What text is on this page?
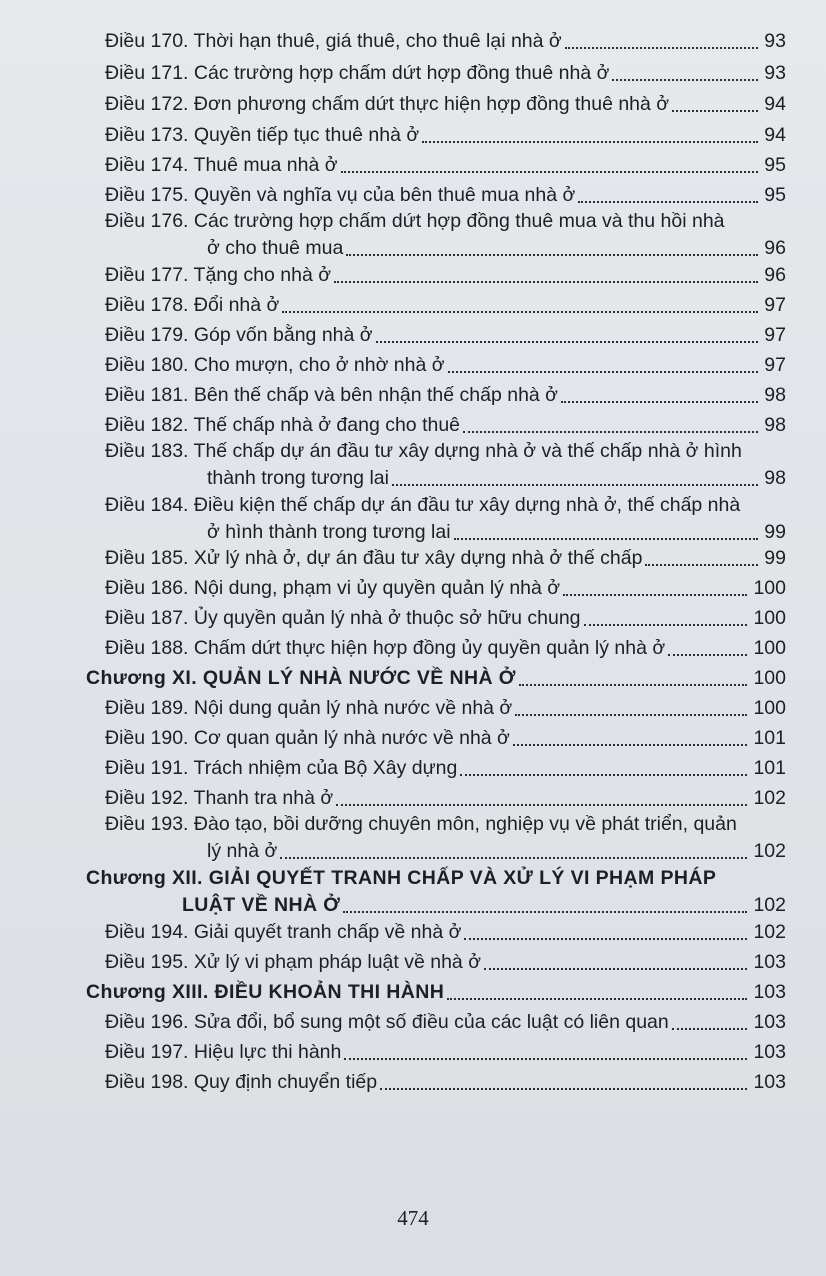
Điều 170. Thời hạn thuê, giá thuê, cho thuê lại nhà ở	93
Điều 171. Các trường hợp chấm dứt hợp đồng thuê nhà ở	93
Điều 172. Đơn phương chấm dứt thực hiện hợp đồng thuê nhà ở	94
Điều 173. Quyền tiếp tục thuê nhà ở	94
Điều 174. Thuê mua nhà ở	95
Điều 175. Quyền và nghĩa vụ của bên thuê mua nhà ở	95
Điều 176. Các trường hợp chấm dứt hợp đồng thuê mua và thu hồi nhà
ở cho thuê mua	96
Điều 177. Tặng cho nhà ở	96
Điều 178. Đổi nhà ở	97
Điều 179. Góp vốn bằng nhà ở	97
Điều 180. Cho mượn, cho ở nhờ nhà ở	97
Điều 181. Bên thế chấp và bên nhận thế chấp nhà ở	98
Điều 182. Thế chấp nhà ở đang cho thuê	98
Điều 183. Thế chấp dự án đầu tư xây dựng nhà ở và thế chấp nhà ở hình
thành trong tương lai	98
Điều 184. Điều kiện thế chấp dự án đầu tư xây dựng nhà ở, thế chấp nhà
ở hình thành trong tương lai	99
Điều 185. Xử lý nhà ở, dự án đầu tư xây dựng nhà ở thế chấp	99
Điều 186. Nội dung, phạm vi ủy quyền quản lý nhà ở	100
Điều 187. Ủy quyền quản lý nhà ở thuộc sở hữu chung	100
Điều 188. Chấm dứt thực hiện hợp đồng ủy quyền quản lý nhà ở	100
Chương XI. QUẢN LÝ NHÀ NƯỚC VỀ NHÀ Ở	100
Điều 189. Nội dung quản lý nhà nước về nhà ở	100
Điều 190. Cơ quan quản lý nhà nước về nhà ở	101
Điều 191. Trách nhiệm của Bộ Xây dựng	101
Điều 192. Thanh tra nhà ở	102
Điều 193. Đào tạo, bồi dưỡng chuyên môn, nghiệp vụ về phát triển, quản
lý nhà ở	102
Chương XII. GIẢI QUYẾT TRANH CHẤP VÀ XỬ LÝ VI PHẠM PHÁP
LUẬT VỀ NHÀ Ở	102
Điều 194. Giải quyết tranh chấp về nhà ở	102
Điều 195. Xử lý vi phạm pháp luật về nhà ở	103
Chương XIII. ĐIỀU KHOẢN THI HÀNH	103
Điều 196. Sửa đổi, bổ sung một số điều của các luật có liên quan	103
Điều 197. Hiệu lực thi hành	103
Điều 198. Quy định chuyển tiếp	103
474
